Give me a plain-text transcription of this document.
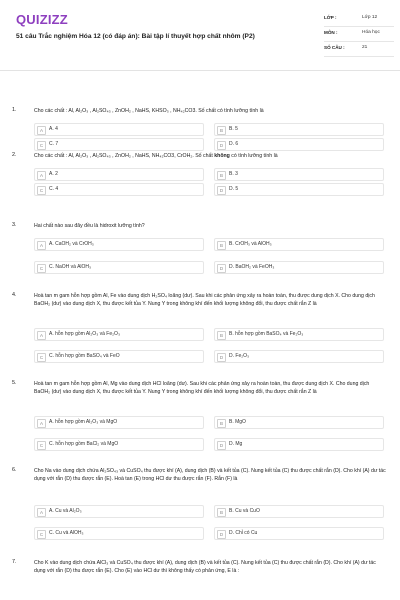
QUIZIZZ
51 câu Trắc nghiệm Hóa 12 (có đáp án): Bài tập lí thuyết hợp chất nhôm (P2)
LỚP :	Lớp 12
MÔN :	Hóa học
SỐ CÂU :	21
1.	Cho các chất : Al, Al₂O₃ , Al₂SO₄₃ , ZnOH₂ , NaHS, KHSO₃ , NH₄₂CO3. Số chất có tính lưỡng tính là
A	A. 4	B	B. 5
C	C. 7	D	D. 6
2.	Cho các chất : Al, Al₂O₃ , Al₂SO₄₃ , ZnOH₂ , NaHS, NH₄₂CO3, CrOH₂. Số chất không có tính lưỡng tính là
A	A. 2	B	B. 3
C	C. 4	D	D. 5
3.	Hai chất nào sau đây đều là hidroxit lưỡng tính?
A	A. CaOH₂ và CrOH₃	B	B. CrOH₃ và AlOH₃
C	C. NaOH và AlOH₃	D	D. BaOH₂ và FeOH₃
4.	Hoà tan m gam hỗn hợp gồm Al, Fe vào dung dịch H₂SO₄ loãng (dư). Sau khi các phản ứng xảy ra hoàn toàn, thu được dung dịch X. Cho dung dịch BaOH₂ (dư) vào dung dịch X, thu được kết tủa Y. Nung Y trong không khí đến khối lượng không đổi, thu được chất rắn Z là
A	A. hỗn hợp gồm Al₂O₃ và Fe₂O₃	B	B. hỗn hợp gồm BaSO₄ và Fe₂O₃
C	C. hỗn hợp gồm BaSO₄ và FeO	D	D. Fe₂O₃
5.	Hoà tan m gam hỗn hợp gồm Al, Mg vào dung dịch HCl loãng (dư). Sau khi các phản ứng xảy ra hoàn toàn, thu được dung dịch X. Cho dung dịch BaOH₂ (dư) vào dung dịch X, thu được kết tủa Y. Nung Y trong không khí đến khối lượng không đổi, thu được chất rắn Z là
A	A. hỗn hợp gồm Al₂O₃ và MgO	B	B. MgO
C	C. hỗn hợp gồm BaCl₂ và MgO	D	D. Mg
6.	Cho Na vào dung dịch chứa Al₂SO₄₃ và CuSO₄ thu được khí (A), dung dịch (B) và kết tủa (C). Nung kết tủa (C) thu được chất rắn (D). Cho khí (A) dư tác dụng với rắn (D) thu được rắn (E). Hoà tan (E) trong HCl dư thu được rắn (F). Rắn (F) là
A	A. Cu và Al₂O₃	B	B. Cu và CuO
C	C. Cu và AlOH₃	D	D. Chỉ có Cu
7.	Cho K vào dung dịch chứa AlCl₃ và CuSO₄ thu được khí (A), dung dịch (B) và kết tủa (C). Nung kết tủa (C) thu được chất rắn (D). Cho khí (A) dư tác dụng với rắn (D) thu được rắn (E). Cho (E) vào HCl dư thì không thấy có phản ứng, E là :
